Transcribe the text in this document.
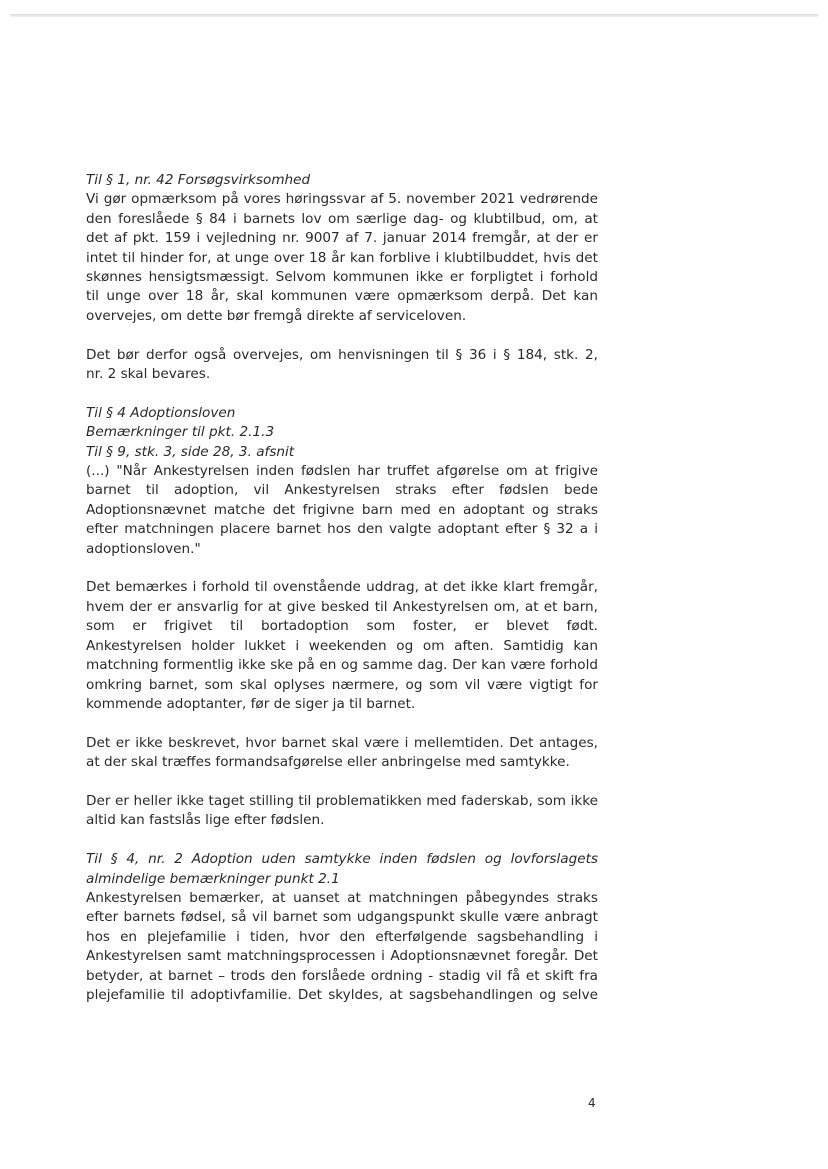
Til § 1, nr. 42 Forsøgsvirksomhed
Vi gør opmærksom på vores høringssvar af 5. november 2021 vedrørende
den foreslåede § 84 i barnets lov om særlige dag- og klubtilbud, om, at
det af pkt. 159 i vejledning nr. 9007 af 7. januar 2014 fremgår, at der er
intet til hinder for, at unge over 18 år kan forblive i klubtilbuddet, hvis det
skønnes hensigtsmæssigt. Selvom kommunen ikke er forpligtet i forhold
til unge over 18 år, skal kommunen være opmærksom derpå. Det kan
overvejes, om dette bør fremgå direkte af serviceloven.
Det bør derfor også overvejes, om henvisningen til § 36 i § 184, stk. 2,
nr. 2 skal bevares.
Til § 4 Adoptionsloven
Bemærkninger til pkt. 2.1.3
Til § 9, stk. 3, side 28, 3. afsnit
(...) "Når Ankestyrelsen inden fødslen har truffet afgørelse om at frigive
barnet til adoption, vil Ankestyrelsen straks efter fødslen bede
Adoptionsnævnet matche det frigivne barn med en adoptant og straks
efter matchningen placere barnet hos den valgte adoptant efter § 32 a i
adoptionsloven."
Det bemærkes i forhold til ovenstående uddrag, at det ikke klart fremgår,
hvem der er ansvarlig for at give besked til Ankestyrelsen om, at et barn,
som er frigivet til bortadoption som foster, er blevet født.
Ankestyrelsen holder lukket i weekenden og om aften. Samtidig kan
matchning formentlig ikke ske på en og samme dag. Der kan være forhold
omkring barnet, som skal oplyses nærmere, og som vil være vigtigt for
kommende adoptanter, før de siger ja til barnet.
Det er ikke beskrevet, hvor barnet skal være i mellemtiden. Det antages,
at der skal træffes formandsafgørelse eller anbringelse med samtykke.
Der er heller ikke taget stilling til problematikken med faderskab, som ikke
altid kan fastslås lige efter fødslen.
Til § 4, nr. 2 Adoption uden samtykke inden fødslen og lovforslagets
almindelige bemærkninger punkt 2.1
Ankestyrelsen bemærker, at uanset at matchningen påbegyndes straks
efter barnets fødsel, så vil barnet som udgangspunkt skulle være anbragt
hos en plejefamilie i tiden, hvor den efterfølgende sagsbehandling i
Ankestyrelsen samt matchningsprocessen i Adoptionsnævnet foregår. Det
betyder, at barnet – trods den forslåede ordning - stadig vil få et skift fra
plejefamilie til adoptivfamilie. Det skyldes, at sagsbehandlingen og selve
4
